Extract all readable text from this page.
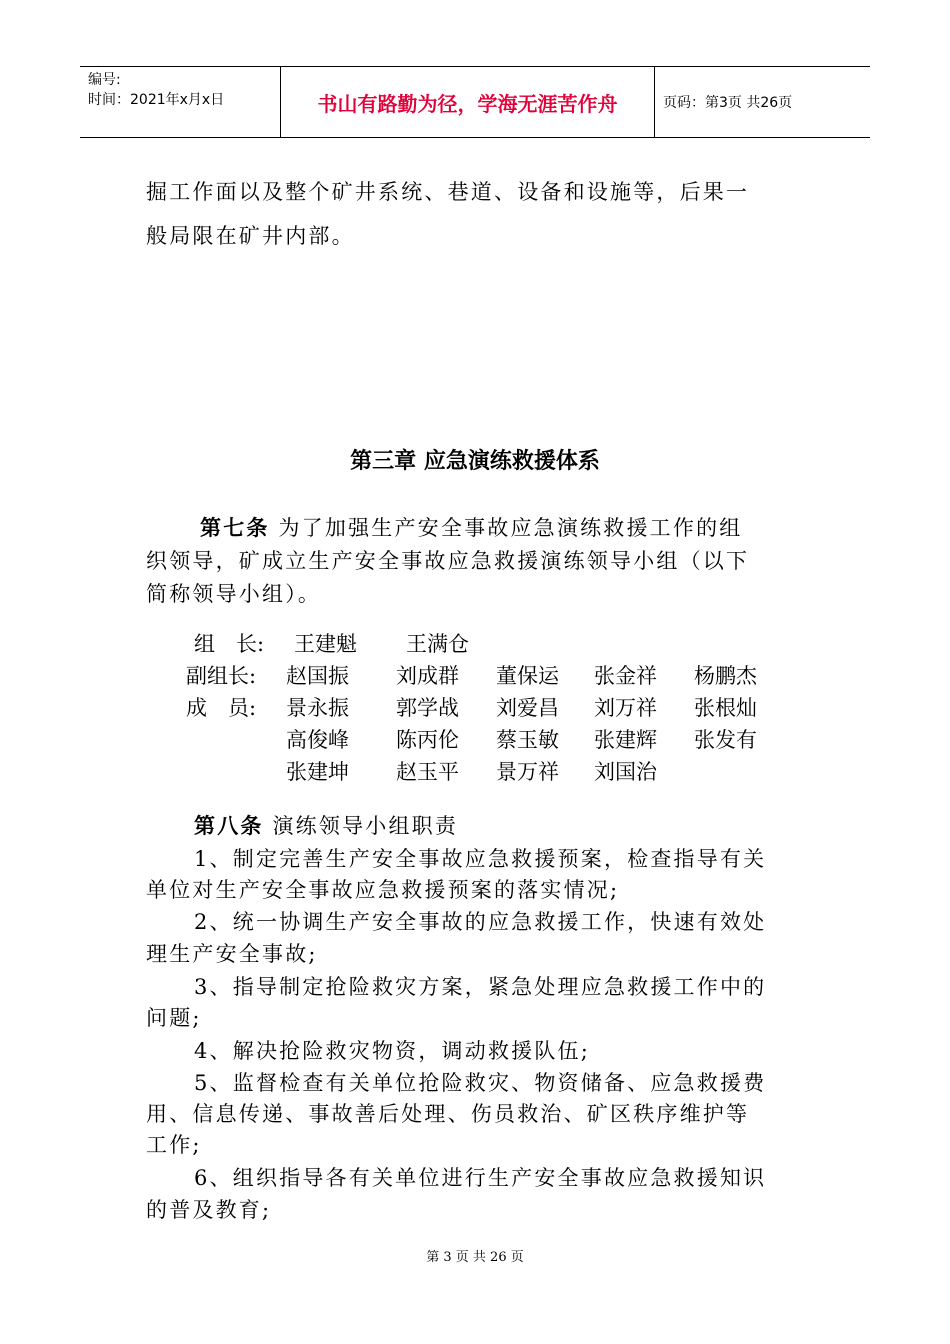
编号:
时间：2021年x月x日	书山有路勤为径，学海无涯苦作舟	页码：第3页 共26页

掘工作面以及整个矿井系统、巷道、设备和设施等，后果一

般局限在矿井内部。

第三章 应急演练救援体系

第七条 为了加强生产安全事故应急演练救援工作的组

织领导，矿成立生产安全事故应急救援演练领导小组（以下

简称领导小组）。

组　长: 王建魁 王满仓
副组长: 赵国振 刘成群 董保运 张金祥 杨鹏杰
成　员: 景永振 郭学战 刘爱昌 刘万祥 张根灿
高俊峰 陈丙伦 蔡玉敏 张建辉 张发有
张建坤 赵玉平 景万祥 刘国治

第八条 演练领导小组职责

1、制定完善生产安全事故应急救援预案，检查指导有关

单位对生产安全事故应急救援预案的落实情况;

2、统一协调生产安全事故的应急救援工作，快速有效处

理生产安全事故;

3、指导制定抢险救灾方案，紧急处理应急救援工作中的

问题;

4、解决抢险救灾物资，调动救援队伍;

5、监督检查有关单位抢险救灾、物资储备、应急救援费

用、信息传递、事故善后处理、伤员救治、矿区秩序维护等

工作;

6、组织指导各有关单位进行生产安全事故应急救援知识

的普及教育;

第 3 页 共 26 页
